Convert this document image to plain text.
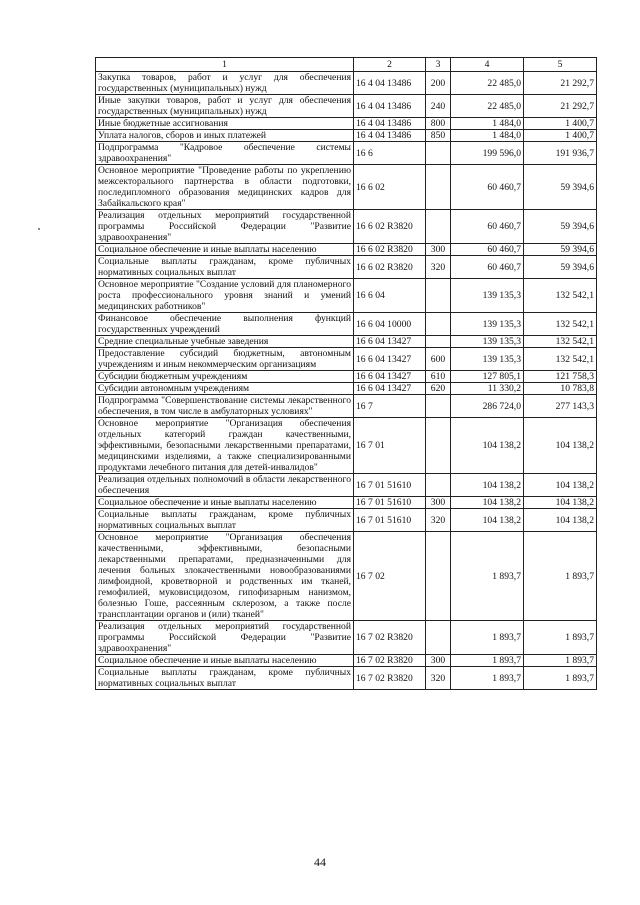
1	2	3	4	5
Закупка товаров, работ и услуг для обеспечения государственных (муниципальных) нужд	16 4 04 13486	200	22 485,0	21 292,7
Иные закупки товаров, работ и услуг для обеспечения государственных (муниципальных) нужд	16 4 04 13486	240	22 485,0	21 292,7
Иные бюджетные ассигнования	16 4 04 13486	800	1 484,0	1 400,7
Уплата налогов, сборов и иных платежей	16 4 04 13486	850	1 484,0	1 400,7
Подпрограмма "Кадровое обеспечение системы здравоохранения"	16 6		199 596,0	191 936,7
Основное мероприятие "Проведение работы по укреплению межсекторального партнерства в области подготовки, последипломного образования медицинских кадров для Забайкальского края"	16 6 02		60 460,7	59 394,6
Реализация отдельных мероприятий государственной программы Российской Федерации "Развитие здравоохранения"	16 6 02 R3820		60 460,7	59 394,6
Социальное обеспечение и иные выплаты населению	16 6 02 R3820	300	60 460,7	59 394,6
Социальные выплаты гражданам, кроме публичных нормативных социальных выплат	16 6 02 R3820	320	60 460,7	59 394,6
Основное мероприятие "Создание условий для планомерного роста профессионального уровня знаний и умений медицинских работников"	16 6 04		139 135,3	132 542,1
Финансовое обеспечение выполнения функций государственных учреждений	16 6 04 10000		139 135,3	132 542,1
Средние специальные учебные заведения	16 6 04 13427		139 135,3	132 542,1
Предоставление субсидий бюджетным, автономным учреждениям и иным некоммерческим организациям	16 6 04 13427	600	139 135,3	132 542,1
Субсидии бюджетным учреждениям	16 6 04 13427	610	127 805,1	121 758,3
Субсидии автономным учреждениям	16 6 04 13427	620	11 330,2	10 783,8
Подпрограмма "Совершенствование системы лекарственного обеспечения, в том числе в амбулаторных условиях"	16 7		286 724,0	277 143,3
Основное мероприятие "Организация обеспечения отдельных категорий граждан качественными, эффективными, безопасными лекарственными препаратами, медицинскими изделиями, а также специализированными продуктами лечебного питания для детей-инвалидов"	16 7 01		104 138,2	104 138,2
Реализация отдельных полномочий в области лекарственного обеспечения	16 7 01 51610		104 138,2	104 138,2
Социальное обеспечение и иные выплаты населению	16 7 01 51610	300	104 138,2	104 138,2
Социальные выплаты гражданам, кроме публичных нормативных социальных выплат	16 7 01 51610	320	104 138,2	104 138,2
Основное мероприятие "Организация обеспечения качественными, эффективными, безопасными лекарственными препаратами, предназначенными для лечения больных злокачественными новообразованиями лимфоидной, кроветворной и родственных им тканей, гемофилией, муковисцидозом, гипофизарным нанизмом, болезнью Гоше, рассеянным склерозом, а также после трансплантации органов и (или) тканей"	16 7 02		1 893,7	1 893,7
Реализация отдельных мероприятий государственной программы Российской Федерации "Развитие здравоохранения"	16 7 02 R3820		1 893,7	1 893,7
Социальное обеспечение и иные выплаты населению	16 7 02 R3820	300	1 893,7	1 893,7
Социальные выплаты гражданам, кроме публичных нормативных социальных выплат	16 7 02 R3820	320	1 893,7	1 893,7
44
